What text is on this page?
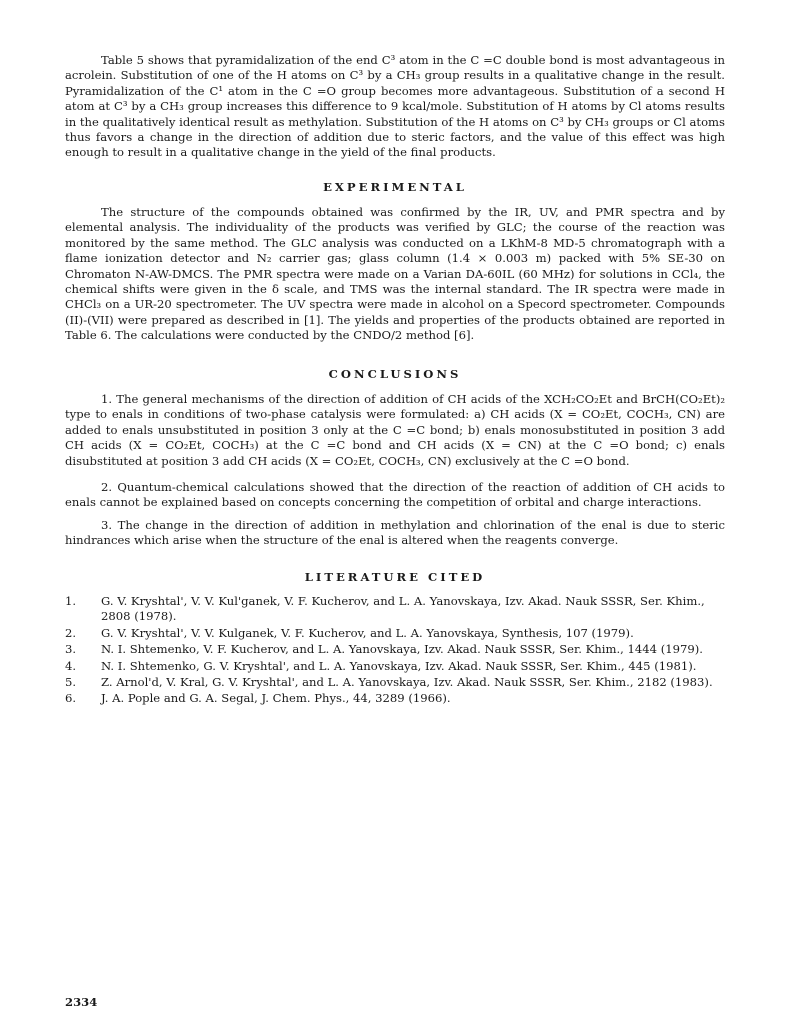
Table 5 shows that pyramidalization of the end C³ atom in the C =C double bond is most advantageous in acrolein. Substitution of one of the H atoms on C³ by a CH₃ group results in a qualitative change in the result. Pyramidalization of the C¹ atom in the C =O group becomes more advantageous. Substitution of a second H atom at C³ by a CH₃ group increases this difference to 9 kcal/mole. Substitution of H atoms by Cl atoms results in the qualitatively identical result as methylation. Substitution of the H atoms on C³ by CH₃ groups or Cl atoms thus favors a change in the direction of addition due to steric factors, and the value of this effect was high enough to result in a qualitative change in the yield of the final products.

EXPERIMENTAL

The structure of the compounds obtained was confirmed by the IR, UV, and PMR spectra and by elemental analysis. The individuality of the products was verified by GLC; the course of the reaction was monitored by the same method. The GLC analysis was conducted on a LKhM-8 MD-5 chromatograph with a flame ionization detector and N₂ carrier gas; glass column (1.4 × 0.003 m) packed with 5% SE-30 on Chromaton N-AW-DMCS. The PMR spectra were made on a Varian DA-60IL (60 MHz) for solutions in CCl₄, the chemical shifts were given in the δ scale, and TMS was the internal standard. The IR spectra were made in CHCl₃ on a UR-20 spectrometer. The UV spectra were made in alcohol on a Specord spectrometer. Compounds (II)-(VII) were prepared as described in [1]. The yields and properties of the products obtained are reported in Table 6. The calculations were conducted by the CNDO/2 method [6].

CONCLUSIONS

1. The general mechanisms of the direction of addition of CH acids of the XCH₂CO₂Et and BrCH(CO₂Et)₂ type to enals in conditions of two-phase catalysis were formulated: a) CH acids (X = CO₂Et, COCH₃, CN) are added to enals unsubstituted in position 3 only at the C =C bond; b) enals monosubstituted in position 3 add CH acids (X = CO₂Et, COCH₃) at the C =C bond and CH acids (X = CN) at the C =O bond; c) enals disubstituted at position 3 add CH acids (X = CO₂Et, COCH₃, CN) exclusively at the C =O bond.

2. Quantum-chemical calculations showed that the direction of the reaction of addition of CH acids to enals cannot be explained based on concepts concerning the competition of orbital and charge interactions.

3. The change in the direction of addition in methylation and chlorination of the enal is due to steric hindrances which arise when the structure of the enal is altered when the reagents converge.

LITERATURE CITED
1. G. V. Kryshtal', V. V. Kul'ganek, V. F. Kucherov, and L. A. Yanovskaya, Izv. Akad. Nauk SSSR, Ser. Khim., 2808 (1978).
2. G. V. Kryshtal', V. V. Kulganek, V. F. Kucherov, and L. A. Yanovskaya, Synthesis, 107 (1979).
3. N. I. Shtemenko, V. F. Kucherov, and L. A. Yanovskaya, Izv. Akad. Nauk SSSR, Ser. Khim., 1444 (1979).
4. N. I. Shtemenko, G. V. Kryshtal', and L. A. Yanovskaya, Izv. Akad. Nauk SSSR, Ser. Khim., 445 (1981).
5. Z. Arnol'd, V. Kral, G. V. Kryshtal', and L. A. Yanovskaya, Izv. Akad. Nauk SSSR, Ser. Khim., 2182 (1983).
6. J. A. Pople and G. A. Segal, J. Chem. Phys., 44, 3289 (1966).
2334
